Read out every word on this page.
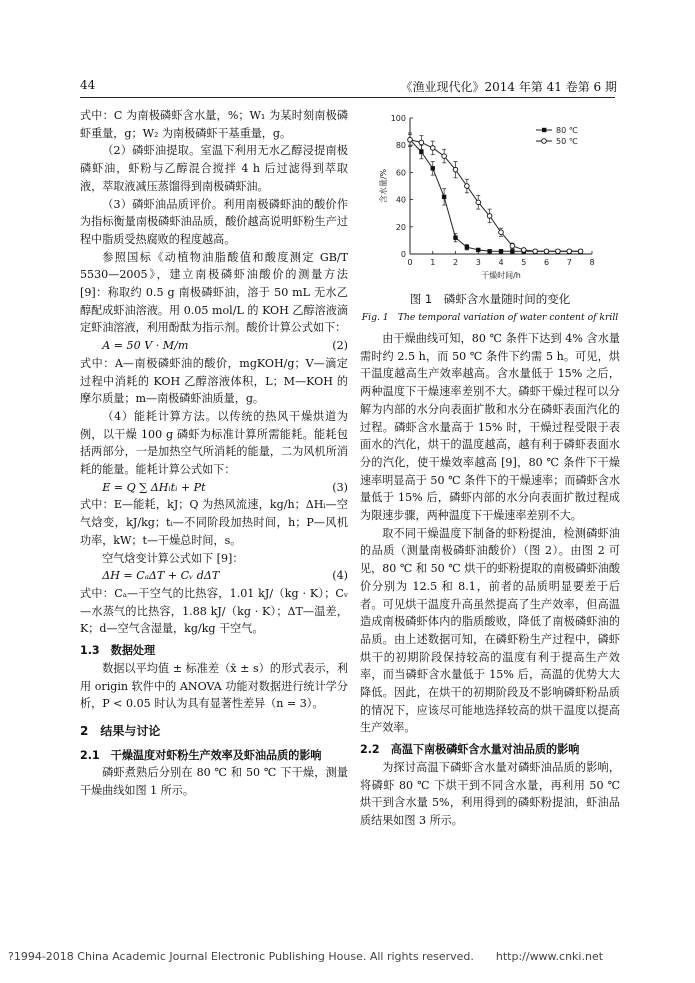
44	《渔业现代化》2014 年第 41 卷第 6 期
式中：C 为南极磷虾含水量，%；W₁ 为某时刻南极磷虾重量，g；W₂ 为南极磷虾干基重量，g。
（2）磷虾油提取。室温下利用无水乙醇浸提南极磷虾油，虾粉与乙醇混合搅拌 4 h 后过滤得到萃取液，萃取液减压蒸馏得到南极磷虾油。
（3）磷虾油品质评价。利用南极磷虾油的酸价作为指标衡量南极磷虾油品质，酸价越高说明虾粉生产过程中脂质受热腐败的程度越高。
参照国标《动植物油脂酸值和酸度测定 GB/T 5530—2005》，建立南极磷虾油酸价的测量方法 [9]：称取约 0.5 g 南极磷虾油，溶于 50 mL 无水乙醇配成虾油溶液。用 0.05 mol/L 的 KOH 乙醇溶液滴定虾油溶液，利用酚酞为指示剂。酸价计算公式如下：
A = 50 V · M/m	(2)
式中：A—南极磷虾油的酸价，mgKOH/g；V—滴定过程中消耗的 KOH 乙醇溶液体积，L；M—KOH 的摩尔质量；m—南极磷虾油质量，g。
（4）能耗计算方法。以传统的热风干燥烘道为例，以干燥 100 g 磷虾为标准计算所需能耗。能耗包括两部分，一是加热空气所消耗的能量，二为风机所消耗的能量。能耗计算公式如下：
E = Q ∑ ΔHᵢtᵢ + Pt	(3)
式中：E—能耗，kJ；Q 为热风流速，kg/h；ΔHᵢ—空气焓变，kJ/kg；tᵢ—不同阶段加热时间，h；P—风机功率，kW；t—干燥总时间，s。
空气焓变计算公式如下 [9]：
ΔH = CₐΔT + Cᵥ dΔT	(4)
式中：Cₐ—干空气的比热容，1.01 kJ/（kg · K）；Cᵥ—水蒸气的比热容，1.88 kJ/（kg · K）；ΔT—温差，K；d—空气含湿量，kg/kg 干空气。
1.3　数据处理
数据以平均值 ± 标准差（x̄ ± s）的形式表示，利用 origin 软件中的 ANOVA 功能对数据进行统计学分析，P < 0.05 时认为具有显著性差异（n = 3）。
2　结果与讨论
2.1　干燥温度对虾粉生产效率及虾油品质的影响
磷虾煮熟后分别在 80 ℃ 和 50 ℃ 下干燥，测量干燥曲线如图 1 所示。
0 1 2 3 4 5 6 7 8
0
20
40
60
80
100
干燥时间/h
含水量/%
80 ℃
50 ℃
图 1　磷虾含水量随时间的变化
Fig. 1　The temporal variation of water content of krill
由干燥曲线可知，80 ℃ 条件下达到 4% 含水量需时约 2.5 h，而 50 ℃ 条件下约需 5 h。可见，烘干温度越高生产效率越高。含水量低于 15% 之后，两种温度下干燥速率差别不大。磷虾干燥过程可以分解为内部的水分向表面扩散和水分在磷虾表面汽化的过程。磷虾含水量高于 15% 时，干燥过程受限于表面水的汽化，烘干的温度越高，越有利于磷虾表面水分的汽化，使干燥效率越高 [9]，80 ℃ 条件下干燥速率明显高于 50 ℃ 条件下的干燥速率；而磷虾含水量低于 15% 后，磷虾内部的水分向表面扩散过程成为限速步骤，两种温度下干燥速率差别不大。
取不同干燥温度下制备的虾粉提油，检测磷虾油的品质（测量南极磷虾油酸价）（图 2）。由图 2 可见，80 ℃ 和 50 ℃ 烘干的虾粉提取的南极磷虾油酸价分别为 12.5 和 8.1，前者的品质明显要差于后者。可见烘干温度升高虽然提高了生产效率，但高温造成南极磷虾体内的脂质酸败，降低了南极磷虾油的品质。由上述数据可知，在磷虾粉生产过程中，磷虾烘干的初期阶段保持较高的温度有利于提高生产效率，而当磷虾含水量低于 15% 后，高温的优势大大降低。因此，在烘干的初期阶段及不影响磷虾粉品质的情况下，应该尽可能地选择较高的烘干温度以提高生产效率。
2.2　高温下南极磷虾含水量对油品质的影响
为探讨高温下磷虾含水量对磷虾油品质的影响，将磷虾 80 ℃ 下烘干到不同含水量，再利用 50 ℃ 烘干到含水量 5%，利用得到的磷虾粉提油，虾油品质结果如图 3 所示。
?1994-2018 China Academic Journal Electronic Publishing House. All rights reserved.　　http://www.cnki.net
